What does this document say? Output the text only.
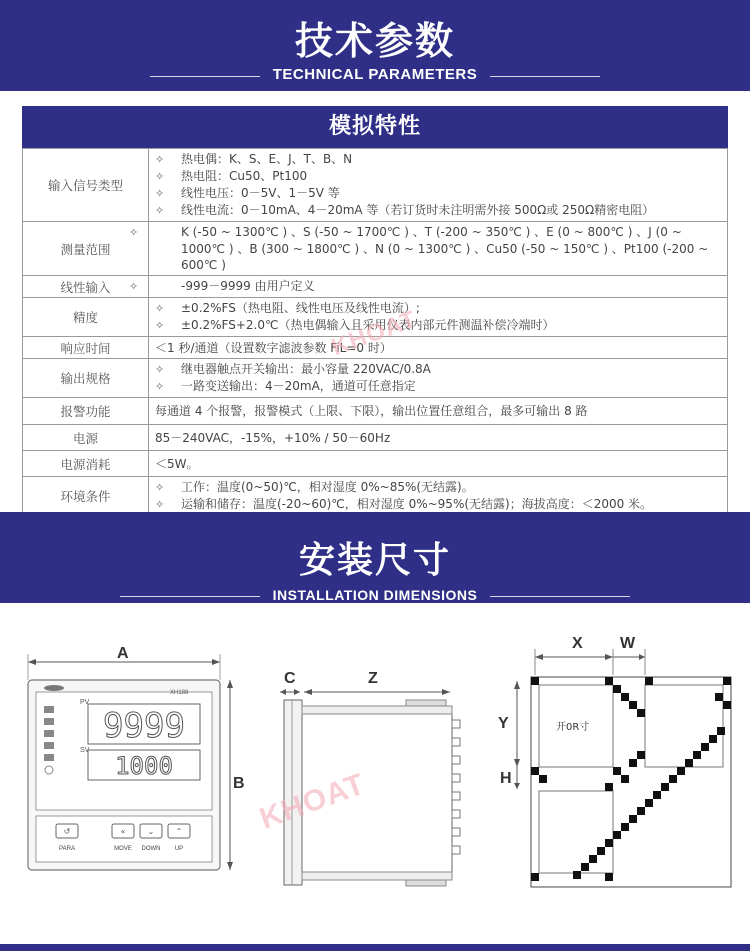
技术参数
TECHNICAL PARAMETERS
模拟特性
输入信号类型	✧ 热电偶：K、S、E、J、T、B、N
✧ 热电阻：Cu50、Pt100
✧ 线性电压：0－5V、1－5V 等
✧ 线性电流：0－10mA、4－20mA 等（若订货时未注明需外接 500Ω或 250Ω精密电阻）

测量范围	✧ K (-50 ~ 1300℃ ) 、S (-50 ~ 1700℃ ) 、T (-200 ~ 350℃ ) 、E (0 ~ 800℃ ) 、J (0 ~ 1000℃ ) 、B (300 ~ 1800℃ ) 、N (0 ~ 1300℃ ) 、Cu50 (-50 ~ 150℃ ) 、Pt100 (-200 ~ 600℃ )

线性输入	✧ -999－9999 由用户定义

精度	✧ ±0.2%FS（热电阻、线性电压及线性电流）;
✧ ±0.2%FS+2.0℃（热电偶输入且采用仪表内部元件测温补偿冷端时）

响应时间	＜1 秒/通道（设置数字滤波参数 FiL=0 时）
输出规格	✧ 继电器触点开关输出：最小容量 220VAC/0.8A
✧ 一路变送输出：4－20mA，通道可任意指定

报警功能	每通道 4 个报警，报警模式（上限、下限），输出位置任意组合，最多可输出 8 路
电源	85－240VAC，-15%，+10% / 50－60Hz
电源消耗	＜5W。
环境条件	✧ 工作：温度(0~50)℃，相对湿度 0%~85%(无结露)。
✧ 运输和储存：温度(-20~60)℃，相对湿度 0%~95%(无结露)；海拔高度：＜2000 米。
安装尺寸
INSTALLATION DIMENSIONS
PV
SV
9999
1000
XH188
↺	«	⌄	⌃
PARA	MOVE DOWN UP
A
B
C	Z
X W
Y
H
开0R寸
KHOAT
KHOAT
